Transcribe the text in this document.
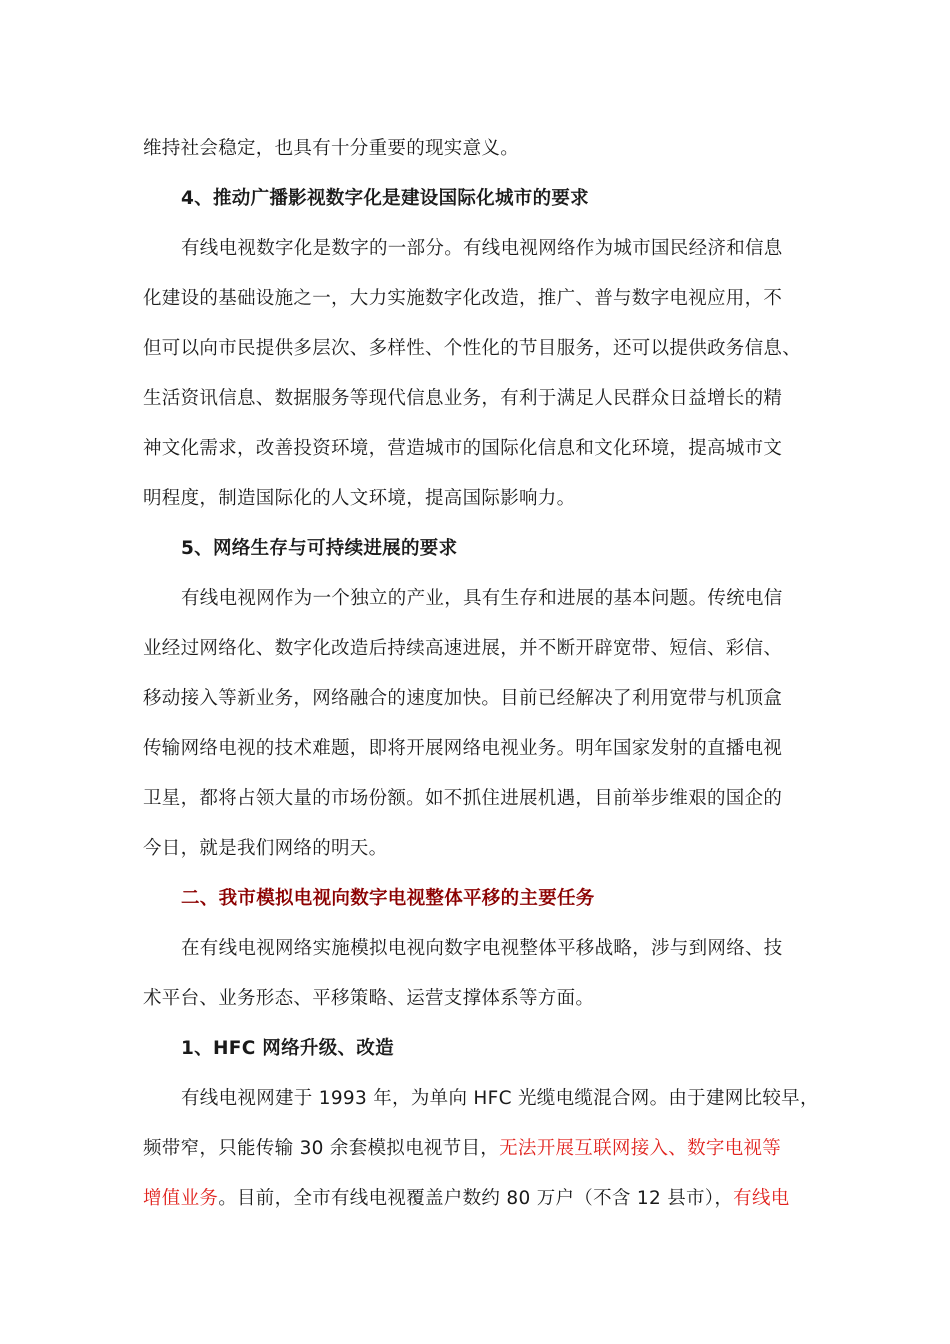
维持社会稳定，也具有十分重要的现实意义。
4、推动广播影视数字化是建设国际化城市的要求
有线电视数字化是数字的一部分。有线电视网络作为城市国民经济和信息
化建设的基础设施之一，大力实施数字化改造，推广、普与数字电视应用，不
但可以向市民提供多层次、多样性、个性化的节目服务，还可以提供政务信息、
生活资讯信息、数据服务等现代信息业务，有利于满足人民群众日益增长的精
神文化需求，改善投资环境，营造城市的国际化信息和文化环境，提高城市文
明程度，制造国际化的人文环境，提高国际影响力。
5、网络生存与可持续进展的要求
有线电视网作为一个独立的产业，具有生存和进展的基本问题。传统电信
业经过网络化、数字化改造后持续高速进展，并不断开辟宽带、短信、彩信、
移动接入等新业务，网络融合的速度加快。目前已经解决了利用宽带与机顶盒
传输网络电视的技术难题，即将开展网络电视业务。明年国家发射的直播电视
卫星，都将占领大量的市场份额。如不抓住进展机遇，目前举步维艰的国企的
今日，就是我们网络的明天。
二、我市模拟电视向数字电视整体平移的主要任务
在有线电视网络实施模拟电视向数字电视整体平移战略，涉与到网络、技
术平台、业务形态、平移策略、运营支撑体系等方面。
1、HFC 网络升级、改造
有线电视网建于 1993 年，为单向 HFC 光缆电缆混合网。由于建网比较早，
频带窄，只能传输 30 余套模拟电视节目，无法开展互联网接入、数字电视等
增值业务。目前，全市有线电视覆盖户数约 80 万户（不含 12 县市），有线电
